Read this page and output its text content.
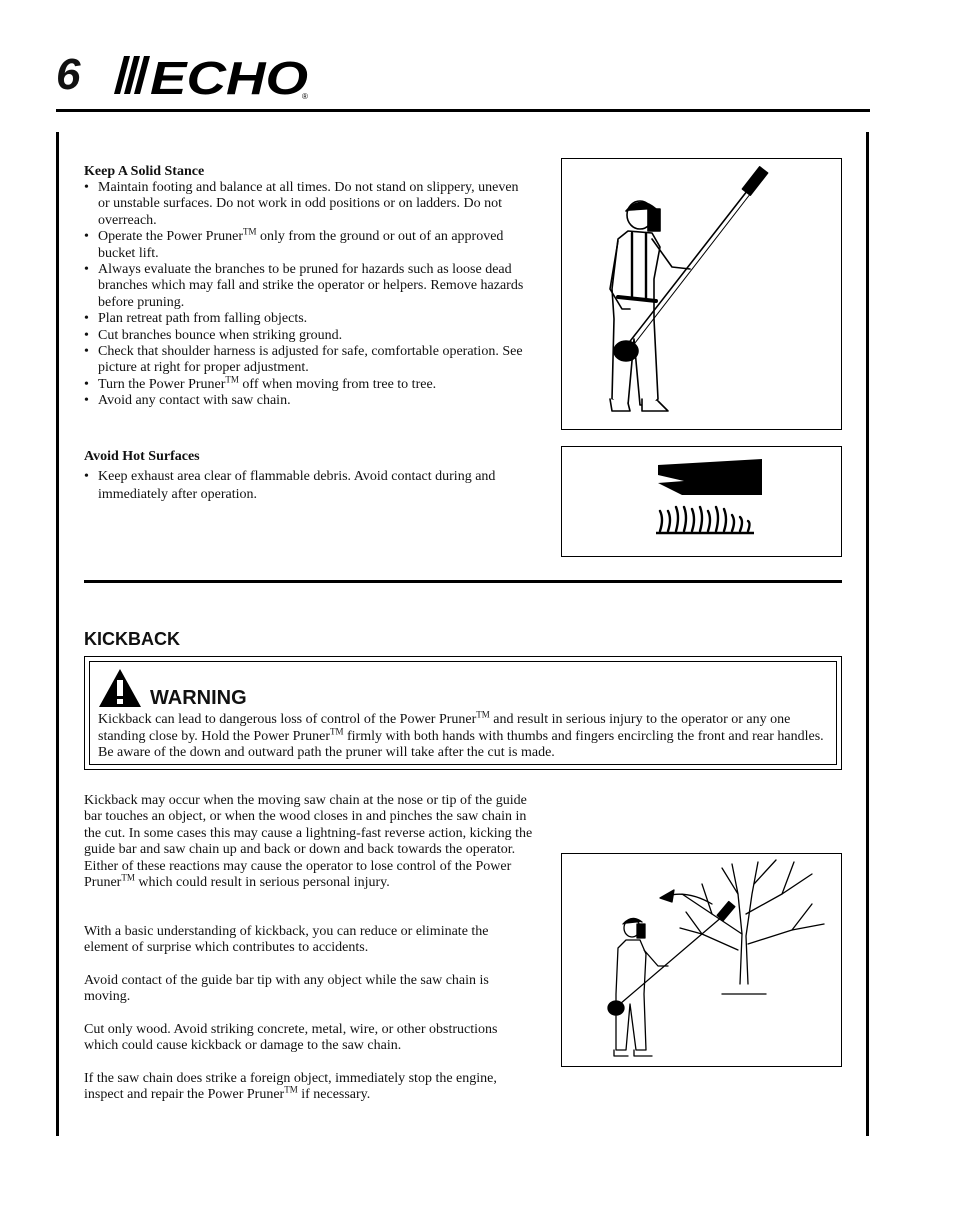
6 ECHO
®
Keep A Solid Stance
• Maintain footing and balance at all times. Do not stand on slippery, uneven or unstable surfaces. Do not work in odd positions or on ladders. Do not overreach.
• Operate the Power Pruner™ only from the ground or out of an approved bucket lift.
• Always evaluate the branches to be pruned for hazards such as loose dead branches which may fall and strike the operator or helpers. Remove hazards before pruning.
• Plan retreat path from falling objects.
• Cut branches bounce when striking ground.
• Check that shoulder harness is adjusted for safe, comfortable operation. See picture at right for proper adjustment.
• Turn the Power Pruner™ off when moving from tree to tree.
• Avoid any contact with saw chain.
Avoid Hot Surfaces
• Keep exhaust area clear of flammable debris. Avoid contact during and immediately after operation.
KICKBACK
WARNING
Kickback can lead to dangerous loss of control of the Power Pruner™ and result in serious injury to the operator or any one standing close by. Hold the Power Pruner™ firmly with both hands with thumbs and fingers encircling the front and rear handles. Be aware of the down and outward path the pruner will take after the cut is made.
Kickback may occur when the moving saw chain at the nose or tip of the guide bar touches an object, or when the wood closes in and pinches the saw chain in the cut. In some cases this may cause a lightning-fast reverse action, kicking the guide bar and saw chain up and back or down and back towards the operator. Either of these reactions may cause the operator to lose control of the Power Pruner™ which could result in serious personal injury.
With a basic understanding of kickback, you can reduce or eliminate the element of surprise which contributes to accidents.
Avoid contact of the guide bar tip with any object while the saw chain is moving.
Cut only wood. Avoid striking concrete, metal, wire, or other obstructions which could cause kickback or damage to the saw chain.
If the saw chain does strike a foreign object, immediately stop the engine, inspect and repair the Power Pruner™ if necessary.
